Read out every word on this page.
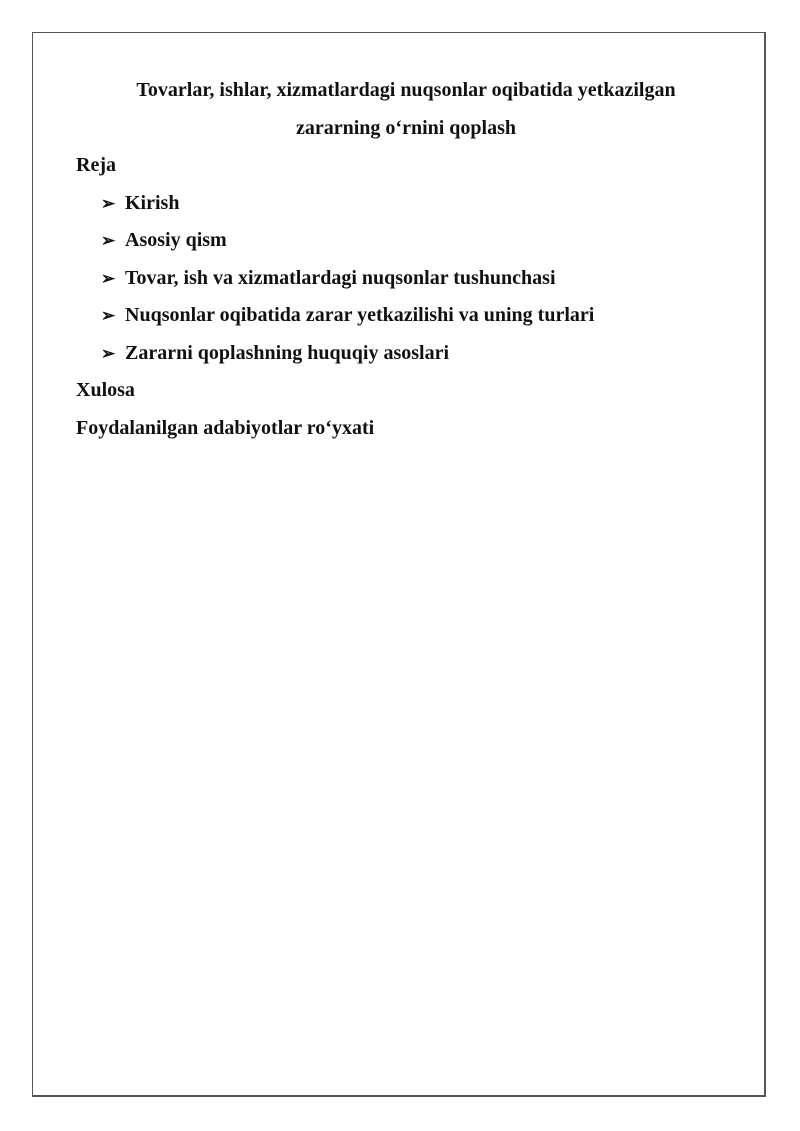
Tovarlar, ishlar, xizmatlardagi nuqsonlar oqibatida yetkazilgan
zararning o‘rnini qoplash
Reja
➢ Kirish
➢ Asosiy qism
➢ Tovar, ish va xizmatlardagi nuqsonlar tushunchasi
➢ Nuqsonlar oqibatida zarar yetkazilishi va uning turlari
➢ Zararni qoplashning huquqiy asoslari
Xulosa
Foydalanilgan adabiyotlar ro‘yxati
